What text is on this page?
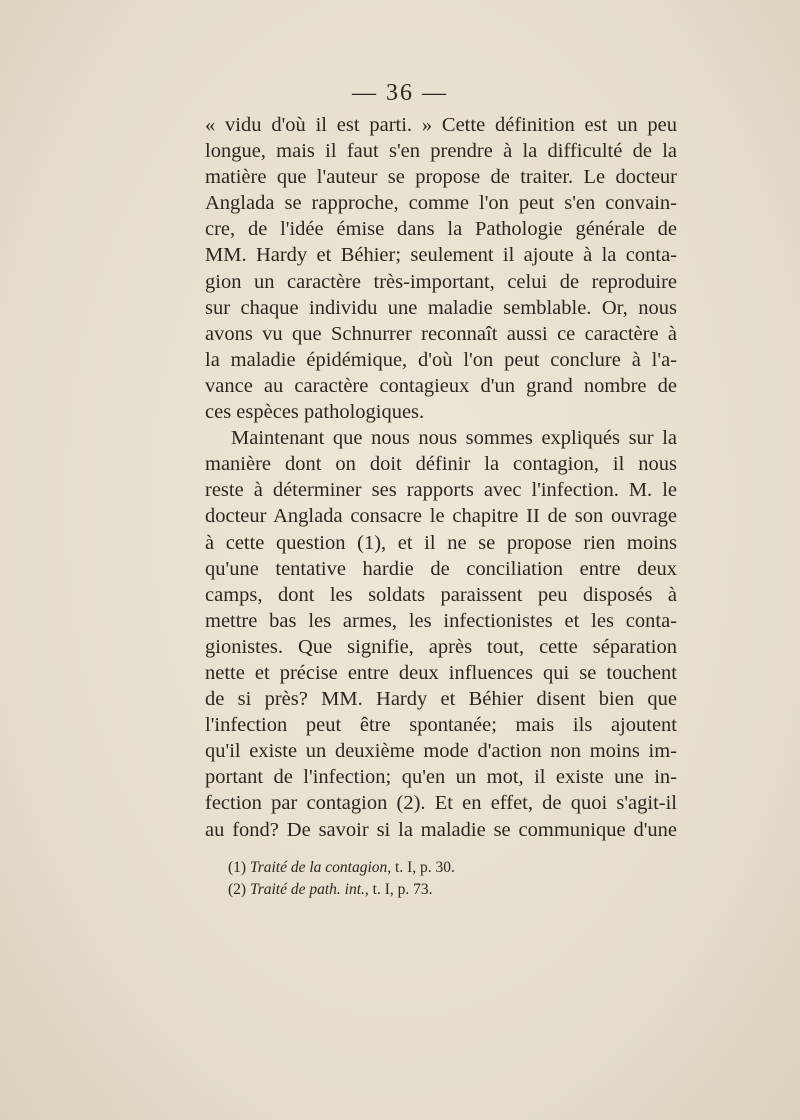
— 36 —
« vidu d'où il est parti. » Cette définition est un peu
longue, mais il faut s'en prendre à la difficulté de la
matière que l'auteur se propose de traiter. Le docteur
Anglada se rapproche, comme l'on peut s'en convain-
cre, de l'idée émise dans la Pathologie générale de
MM. Hardy et Béhier; seulement il ajoute à la conta-
gion un caractère très-important, celui de reproduire
sur chaque individu une maladie semblable. Or, nous
avons vu que Schnurrer reconnaît aussi ce caractère à
la maladie épidémique, d'où l'on peut conclure à l'a-
vance au caractère contagieux d'un grand nombre de
ces espèces pathologiques.
Maintenant que nous nous sommes expliqués sur la
manière dont on doit définir la contagion, il nous
reste à déterminer ses rapports avec l'infection. M. le
docteur Anglada consacre le chapitre II de son ouvrage
à cette question (1), et il ne se propose rien moins
qu'une tentative hardie de conciliation entre deux
camps, dont les soldats paraissent peu disposés à
mettre bas les armes, les infectionistes et les conta-
gionistes. Que signifie, après tout, cette séparation
nette et précise entre deux influences qui se touchent
de si près? MM. Hardy et Béhier disent bien que
l'infection peut être spontanée; mais ils ajoutent
qu'il existe un deuxième mode d'action non moins im-
portant de l'infection; qu'en un mot, il existe une in-
fection par contagion (2). Et en effet, de quoi s'agit-il
au fond? De savoir si la maladie se communique d'une
(1) Traité de la contagion, t. I, p. 30.
(2) Traité de path. int., t. I, p. 73.
